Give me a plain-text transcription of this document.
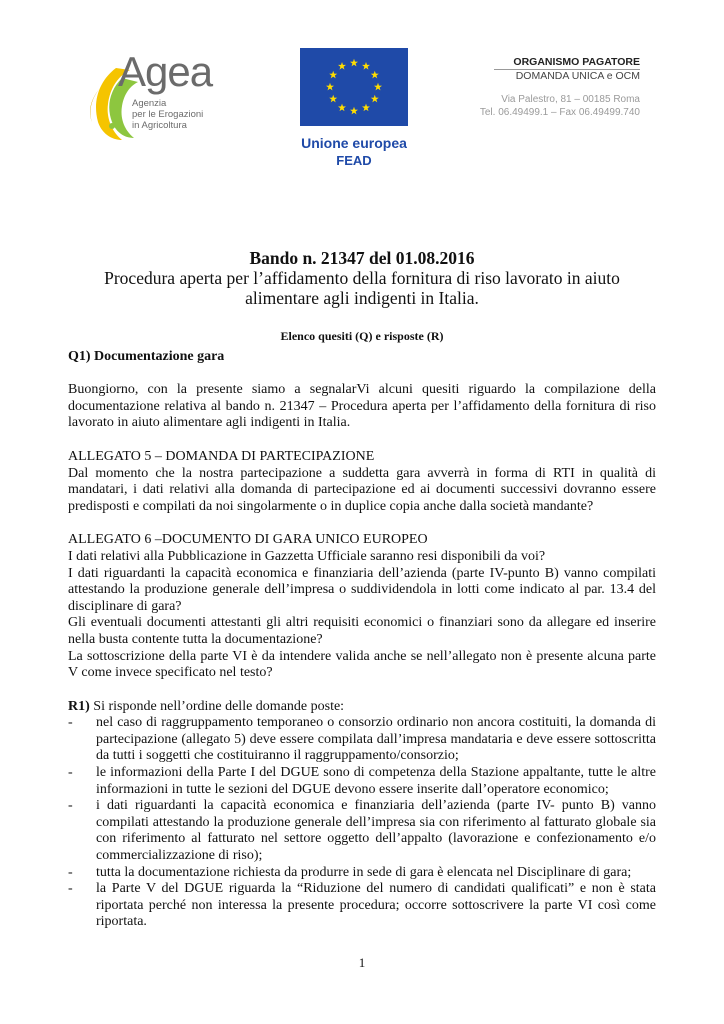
Agea
Agenzia
per le Erogazioni
in Agricoltura
Unione europea
FEAD
ORGANISMO PAGATORE
DOMANDA UNICA e OCM
Via Palestro, 81 – 00185 Roma
Tel. 06.49499.1 – Fax 06.49499.740
Bando n. 21347 del 01.08.2016
Procedura aperta per l’affidamento della fornitura di riso lavorato in aiuto alimentare agli indigenti in Italia.
Elenco quesiti (Q) e risposte (R)
Q1) Documentazione gara

Buongiorno, con la presente siamo a segnalarVi alcuni quesiti riguardo la compilazione della documentazione relativa al bando n. 21347 – Procedura aperta per l’affidamento della fornitura di riso lavorato in aiuto alimentare agli indigenti in Italia.

ALLEGATO 5 – DOMANDA DI PARTECIPAZIONE

Dal momento che la nostra partecipazione a suddetta gara avverrà in forma di RTI in qualità di mandatari, i dati relativi alla domanda di partecipazione ed ai documenti successivi dovranno essere predisposti e compilati da noi singolarmente o in duplice copia anche dalla società mandante?

ALLEGATO 6 –DOCUMENTO DI GARA UNICO EUROPEO

I dati relativi alla Pubblicazione in Gazzetta Ufficiale saranno resi disponibili da voi?

I dati riguardanti la capacità economica e finanziaria dell’azienda (parte IV-punto B) vanno compilati attestando la produzione generale dell’impresa o suddividendola in lotti come indicato al par. 13.4 del disciplinare di gara?

Gli eventuali documenti attestanti gli altri requisiti economici o finanziari sono da allegare ed inserire nella busta contente tutta la documentazione?

La sottoscrizione della parte VI è da intendere valida anche se nell’allegato non è presente alcuna parte V come invece specificato nel testo?

R1) Si risponde nell’ordine delle domande poste:

- nel caso di raggruppamento temporaneo o consorzio ordinario non ancora costituiti, la domanda di partecipazione (allegato 5) deve essere compilata dall’impresa mandataria e deve essere sottoscritta da tutti i soggetti che costituiranno il raggruppamento/consorzio;
- le informazioni della Parte I del DGUE sono di competenza della Stazione appaltante, tutte le altre informazioni in tutte le sezioni del DGUE devono essere inserite dall’operatore economico;
- i dati riguardanti la capacità economica e finanziaria dell’azienda (parte IV- punto B) vanno compilati attestando la produzione generale dell’impresa sia con riferimento al fatturato globale sia con riferimento al fatturato nel settore oggetto dell’appalto (lavorazione e confezionamento e/o commercializzazione di riso);
- tutta la documentazione richiesta da produrre in sede di gara è elencata nel Disciplinare di gara;
- la Parte V del DGUE riguarda la “Riduzione del numero di candidati qualificati” e non è stata riportata perché non interessa la presente procedura; occorre sottoscrivere la parte VI così come riportata.
1
